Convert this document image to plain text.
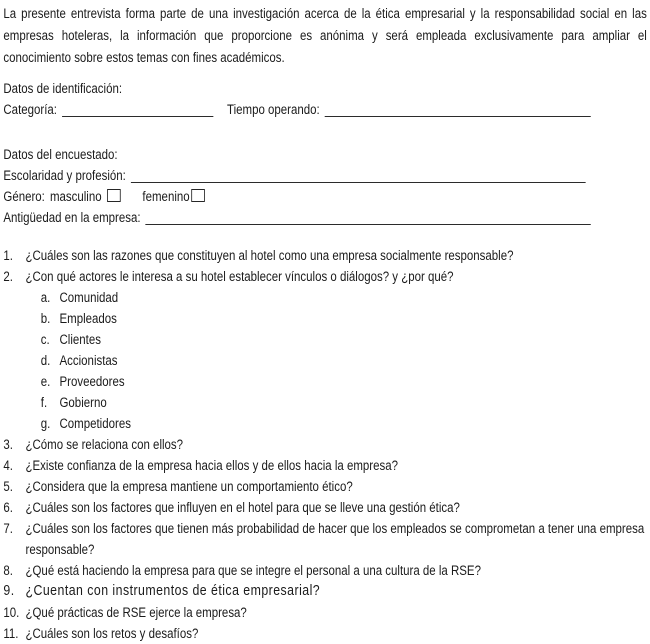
La presente entrevista forma parte de una investigación acerca de la ética empresarial y la responsabilidad social en las empresas hoteleras, la información que proporcione es anónima y será empleada exclusivamente para ampliar el conocimiento sobre estos temas con fines académicos.

Datos de identificación:
Categoría:	Tiempo operando:
Datos del encuestado:
Escolaridad y profesión:
Género: masculino	femenino
Antigüedad en la empresa:
1. ¿Cuáles son las razones que constituyen al hotel como una empresa socialmente responsable?
2. ¿Con qué actores le interesa a su hotel establecer vínculos o diálogos? y ¿por qué?
a. Comunidad
b. Empleados
c. Clientes
d. Accionistas
e. Proveedores
f. Gobierno
g. Competidores
3. ¿Cómo se relaciona con ellos?
4. ¿Existe confianza de la empresa hacia ellos y de ellos hacia la empresa?
5. ¿Considera que la empresa mantiene un comportamiento ético?
6. ¿Cuáles son los factores que influyen en el hotel para que se lleve una gestión ética?
7. ¿Cuáles son los factores que tienen más probabilidad de hacer que los empleados se comprometan a tener una empresa responsable?
8. ¿Qué está haciendo la empresa para que se integre el personal a una cultura de la RSE?
9. ¿Cuentan con instrumentos de ética empresarial?
10. ¿Qué prácticas de RSE ejerce la empresa?
11. ¿Cuáles son los retos y desafíos?
